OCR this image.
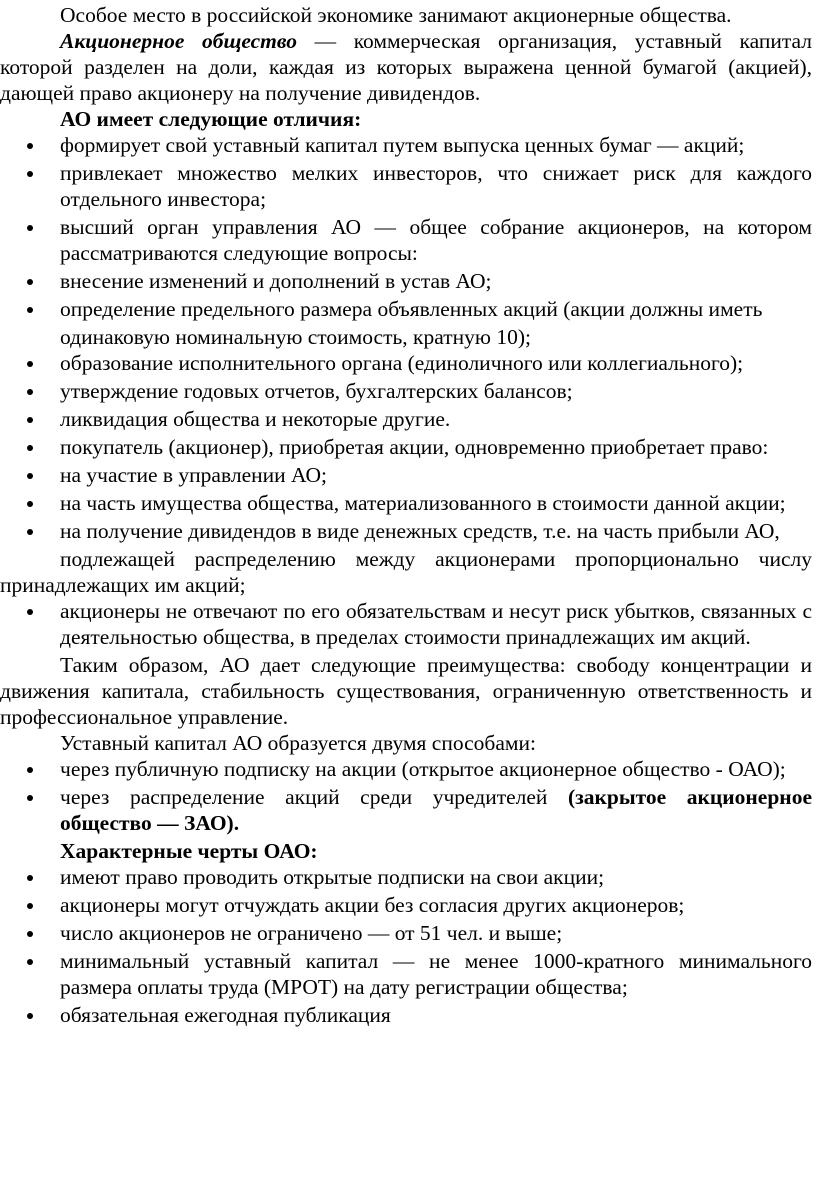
Особое место в российской экономике занимают акционерные общества.

Акционерное общество — коммерческая организация, уставный капитал которой разделен на доли, каждая из которых выражена ценной бумагой (акцией), дающей право акционеру на получение дивидендов.

АО имеет следующие отличия:

формирует свой уставный капитал путем выпуска ценных бумаг — акций;
привлекает множество мелких инвесторов, что снижает риск для каждого отдельного инвестора;
высший орган управления АО — общее собрание акционеров, на котором рассматриваются следующие вопросы:
внесение изменений и дополнений в устав АО;
определение предельного размера объявленных акций (акции должны иметь

одинаковую номинальную стоимость, кратную 10);

образование исполнительного органа (единоличного или коллегиального);
утверждение годовых отчетов, бухгалтерских балансов;
ликвидация общества и некоторые другие.
покупатель (акционер), приобретая акции, одновременно приобретает право:
на участие в управлении АО;
на часть имущества общества, материализованного в стоимости данной акции;
на получение дивидендов в виде денежных средств, т.е. на часть прибыли АО,

подлежащей распределению между акционерами пропорционально числу принадлежащих им акций;

акционеры не отвечают по его обязательствам и несут риск убытков, связанных с деятельностью общества, в пределах стоимости принадлежащих им акций.

Таким образом, АО дает следующие преимущества: свободу концентрации и движения капитала, стабильность существования, ограниченную ответственность и профессиональное управление.

Уставный капитал АО образуется двумя способами:

через публичную подписку на акции (открытое акционерное общество - ОАО);
через распределение акций среди учредителей (закрытое акционерное общество — ЗАО).

Характерные черты ОАО:

имеют право проводить открытые подписки на свои акции;
акционеры могут отчуждать акции без согласия других акционеров;
число акционеров не ограничено — от 51 чел. и выше;
минимальный уставный капитал — не менее 1000-кратного минимального размера оплаты труда (МРОТ) на дату регистрации общества;
обязательная ежегодная публикация
